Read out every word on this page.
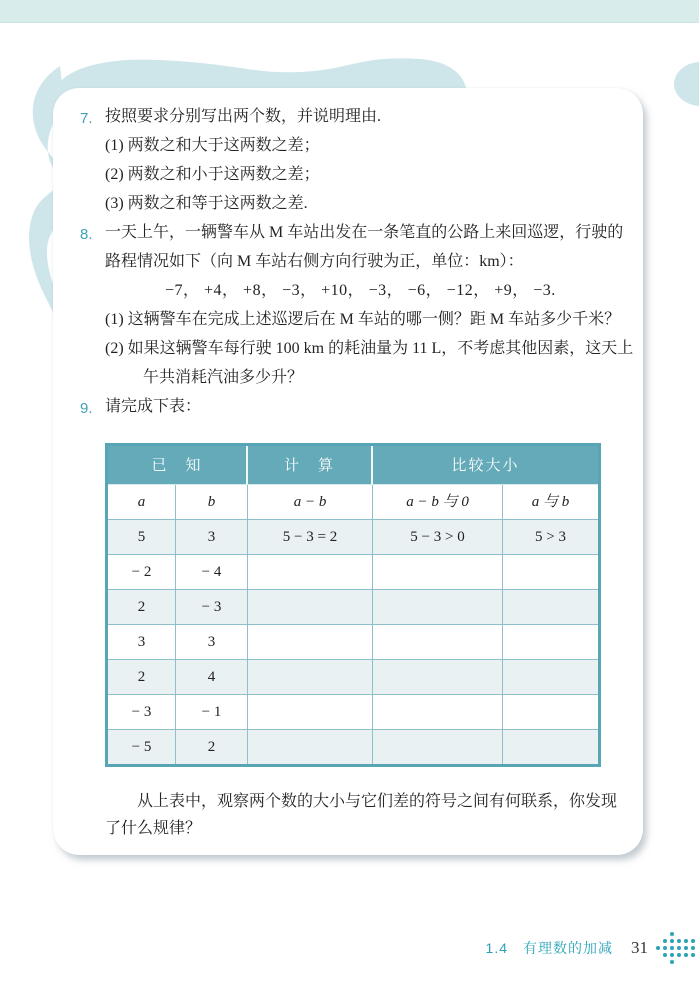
7. 按照要求分别写出两个数，并说明理由.
(1) 两数之和大于这两数之差；
(2) 两数之和小于这两数之差；
(3) 两数之和等于这两数之差.
8. 一天上午，一辆警车从 M 车站出发在一条笔直的公路上来回巡逻，行驶的路程情况如下（向 M 车站右侧方向行驶为正，单位：km）：
−7， +4， +8， −3， +10， −3， −6， −12， +9， −3.
(1) 这辆警车在完成上述巡逻后在 M 车站的哪一侧？距 M 车站多少千米？
(2) 如果这辆警车每行驶 100 km 的耗油量为 11 L，不考虑其他因素，这天上午共消耗汽油多少升？
9. 请完成下表：
已　知		计　算	比较大小	
a	b	a − b	a − b 与 0	a 与 b
5	3	5 − 3 = 2	5 − 3 > 0	5 > 3
− 2	− 4			
2	− 3			
3	3			
2	4			
− 3	− 1			
− 5	2			
从上表中，观察两个数的大小与它们差的符号之间有何联系，你发现了什么规律？
1.4　有理数的加减 31
